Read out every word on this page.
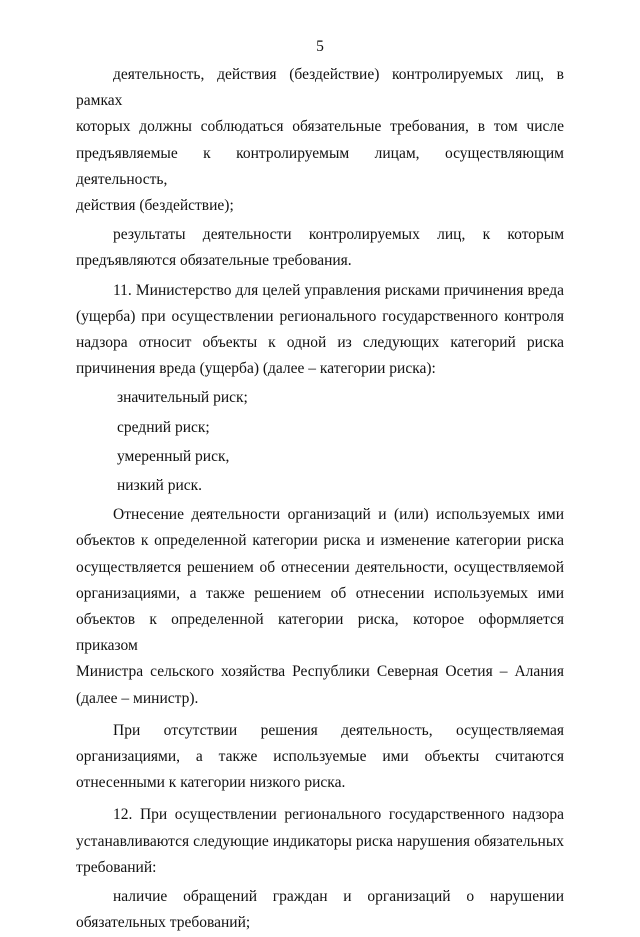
5
деятельность, действия (бездействие) контролируемых лиц, в рамках
которых должны соблюдаться обязательные требования, в том числе
предъявляемые к контролируемым лицам, осуществляющим деятельность,
действия (бездействие);
результаты деятельности контролируемых лиц, к которым
предъявляются обязательные требования.
11. Министерство для целей управления рисками причинения вреда
(ущерба) при осуществлении регионального государственного контроля
надзора относит объекты к одной из следующих категорий риска
причинения вреда (ущерба) (далее – категории риска):
значительный риск;
средний риск;
умеренный риск,
низкий риск.
Отнесение деятельности организаций и (или) используемых ими
объектов к определенной категории риска и изменение категории риска
осуществляется решением об отнесении деятельности, осуществляемой
организациями, а также решением об отнесении используемых ими
объектов к определенной категории риска, которое оформляется приказом
Министра сельского хозяйства Республики Северная Осетия – Алания
(далее – министр).
При отсутствии решения деятельность, осуществляемая
организациями, а также используемые ими объекты считаются
отнесенными к категории низкого риска.
12. При осуществлении регионального государственного надзора
устанавливаются следующие индикаторы риска нарушения обязательных
требований:
наличие обращений граждан и организаций о нарушении
обязательных требований;
